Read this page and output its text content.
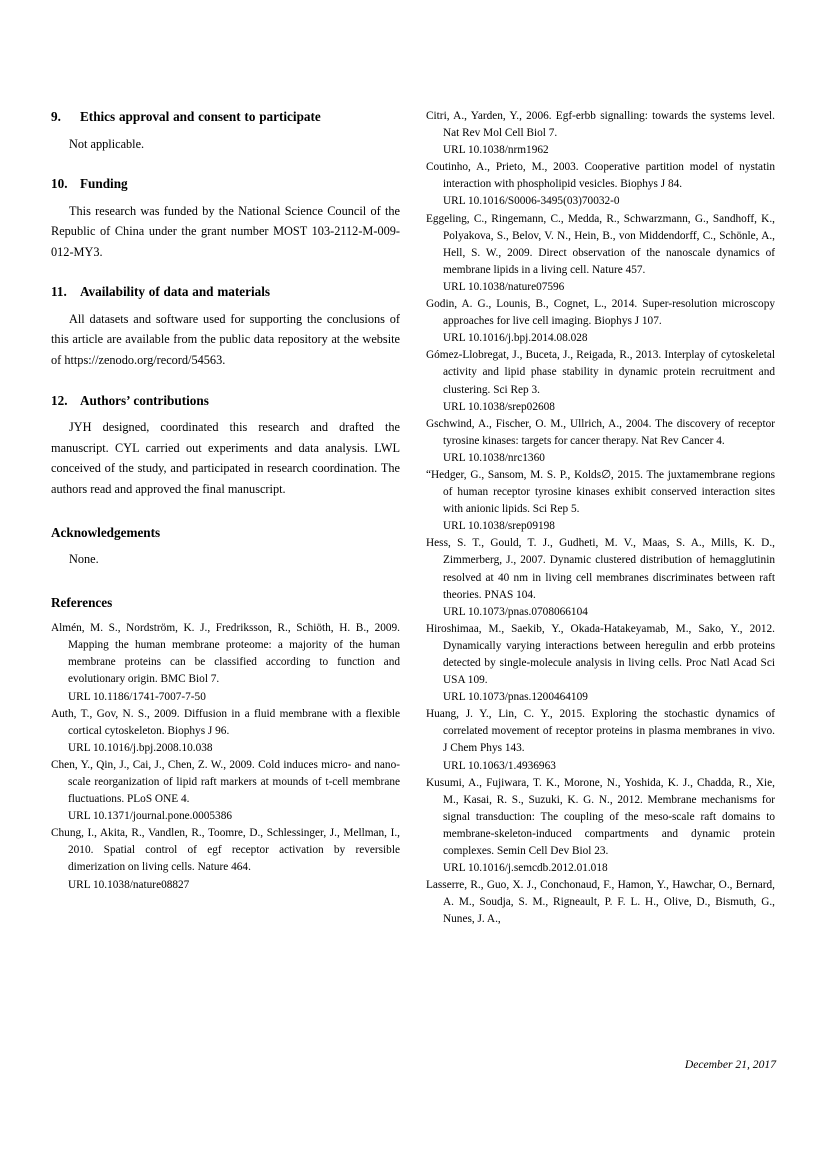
9.	Ethics approval and consent to participate

Not applicable.

10. Funding

This research was funded by the National Science Council of the Republic of China under the grant number MOST 103-2112-M-009-012-MY3.

11.	Availability of data and materials

All datasets and software used for supporting the conclusions of this article are available from the public data repository at the website of https://zenodo.org/record/54563.

12. Authors’ contributions

JYH designed, coordinated this research and drafted the manuscript. CYL carried out experiments and data analysis. LWL conceived of the study, and participated in research coordination. The authors read and approved the final manuscript.

Acknowledgements

None.

References
Almén, M. S., Nordström, K. J., Fredriksson, R., Schiöth, H. B., 2009. Mapping the human membrane proteome: a majority of the human membrane proteins can be classified according to function and evolutionary origin. BMC Biol 7.
URL 10.1186/1741-7007-7-50
Auth, T., Gov, N. S., 2009. Diffusion in a fluid membrane with a flexible cortical cytoskeleton. Biophys J 96.
URL 10.1016/j.bpj.2008.10.038
Chen, Y., Qin, J., Cai, J., Chen, Z. W., 2009. Cold induces micro- and nano-scale reorganization of lipid raft markers at mounds of t-cell membrane fluctuations. PLoS ONE 4.
URL 10.1371/journal.pone.0005386
Chung, I., Akita, R., Vandlen, R., Toomre, D., Schlessinger, J., Mellman, I., 2010. Spatial control of egf receptor activation by reversible dimerization on living cells. Nature 464.
URL 10.1038/nature08827
Citri, A., Yarden, Y., 2006. Egf-erbb signalling: towards the systems level. Nat Rev Mol Cell Biol 7.
URL 10.1038/nrm1962
Coutinho, A., Prieto, M., 2003. Cooperative partition model of nystatin interaction with phospholipid vesicles. Biophys J 84.
URL 10.1016/S0006-3495(03)70032-0
Eggeling, C., Ringemann, C., Medda, R., Schwarzmann, G., Sandhoff, K., Polyakova, S., Belov, V. N., Hein, B., von Middendorff, C., Schönle, A., Hell, S. W., 2009. Direct observation of the nanoscale dynamics of membrane lipids in a living cell. Nature 457.
URL 10.1038/nature07596
Godin, A. G., Lounis, B., Cognet, L., 2014. Super-resolution microscopy approaches for live cell imaging. Biophys J 107.
URL 10.1016/j.bpj.2014.08.028
Gómez-Llobregat, J., Buceta, J., Reigada, R., 2013. Interplay of cytoskeletal activity and lipid phase stability in dynamic protein recruitment and clustering. Sci Rep 3.
URL 10.1038/srep02608
Gschwind, A., Fischer, O. M., Ullrich, A., 2004. The discovery of receptor tyrosine kinases: targets for cancer therapy. Nat Rev Cancer 4.
URL 10.1038/nrc1360
“Hedger, G., Sansom, M. S. P., Kolds∅, 2015. The juxtamembrane regions of human receptor tyrosine kinases exhibit conserved interaction sites with anionic lipids. Sci Rep 5.
URL 10.1038/srep09198
Hess, S. T., Gould, T. J., Gudheti, M. V., Maas, S. A., Mills, K. D., Zimmerberg, J., 2007. Dynamic clustered distribution of hemagglutinin resolved at 40 nm in living cell membranes discriminates between raft theories. PNAS 104.
URL 10.1073/pnas.0708066104
Hiroshimaa, M., Saekib, Y., Okada-Hatakeyamab, M., Sako, Y., 2012. Dynamically varying interactions between heregulin and erbb proteins detected by single-molecule analysis in living cells. Proc Natl Acad Sci USA 109.
URL 10.1073/pnas.1200464109
Huang, J. Y., Lin, C. Y., 2015. Exploring the stochastic dynamics of correlated movement of receptor proteins in plasma membranes in vivo. J Chem Phys 143.
URL 10.1063/1.4936963
Kusumi, A., Fujiwara, T. K., Morone, N., Yoshida, K. J., Chadda, R., Xie, M., Kasai, R. S., Suzuki, K. G. N., 2012. Membrane mechanisms for signal transduction: The coupling of the meso-scale raft domains to membrane-skeleton-induced compartments and dynamic protein complexes. Semin Cell Dev Biol 23.
URL 10.1016/j.semcdb.2012.01.018
Lasserre, R., Guo, X. J., Conchonaud, F., Hamon, Y., Hawchar, O., Bernard, A. M., Soudja, S. M., Rigneault, P. F. L. H., Olive, D., Bismuth, G., Nunes, J. A.,
December 21, 2017
